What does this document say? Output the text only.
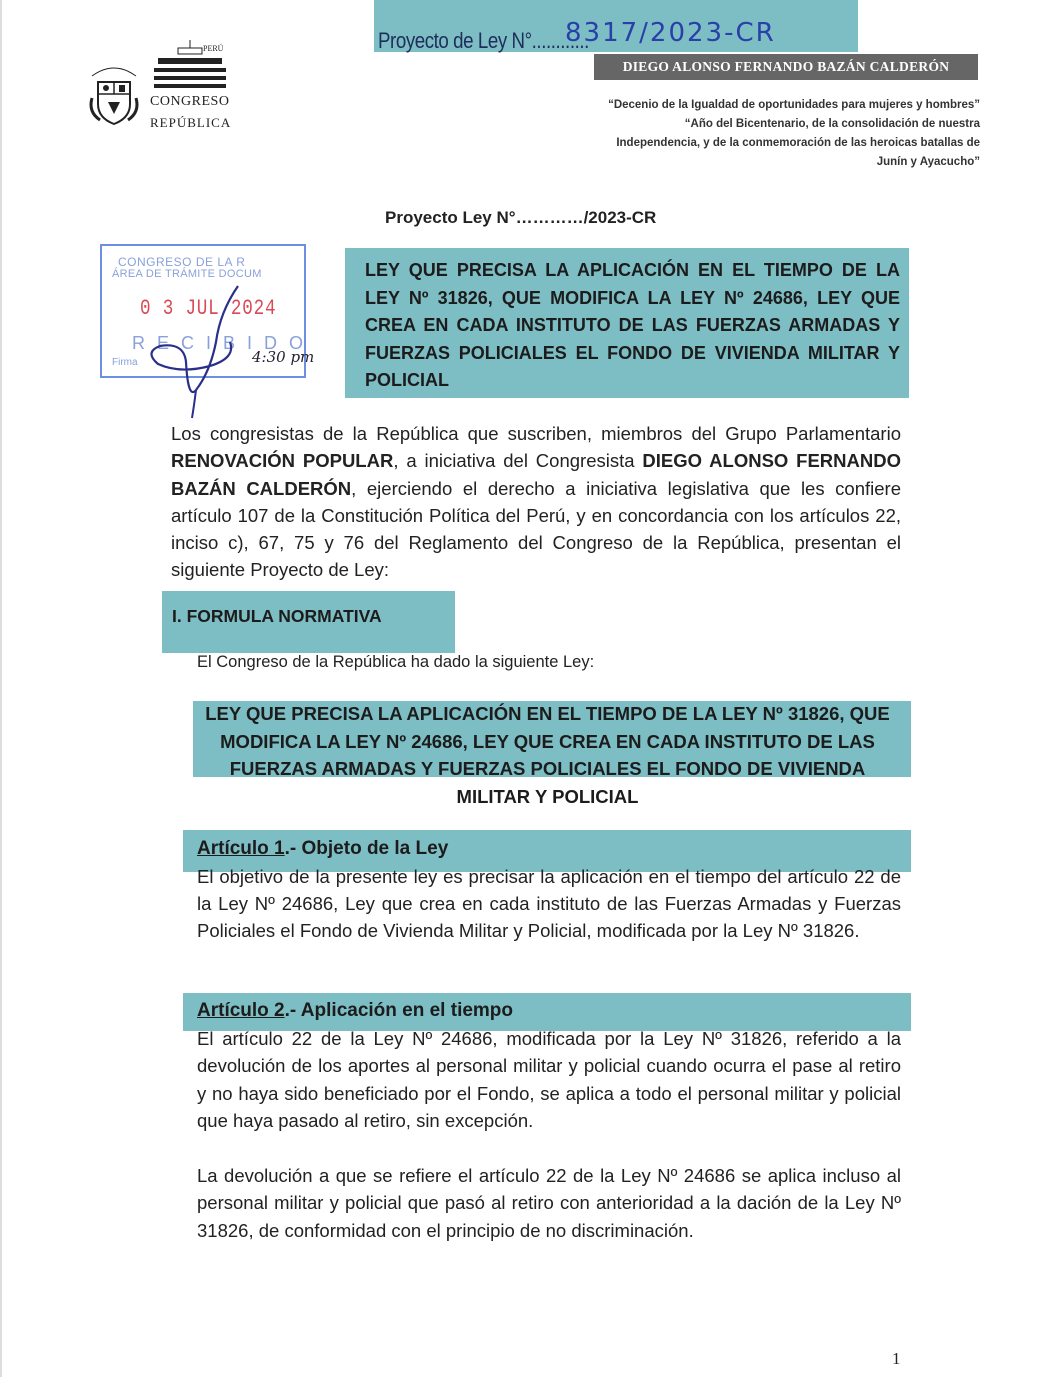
Proyecto de Ley N°............
8317/2023-CR
DIEGO ALONSO FERNANDO BAZÁN CALDERÓN
“Decenio de la Igualdad de oportunidades para mujeres y hombres”
“Año del Bicentenario, de la consolidación de nuestra
Independencia, y de la conmemoración de las heroicas batallas de
Junín y Ayacucho”
PERÚ
CONGRESO
REPÚBLICA
Proyecto Ley N°…………/2023-CR
CONGRESO DE LA R
ÁREA DE TRÁMITE DOCUM
0 3 JUL 2024
RECIBIDO
Firma	4:30 pm
LEY QUE PRECISA LA APLICACIÓN EN EL TIEMPO DE LA LEY Nº 31826, QUE MODIFICA LA LEY Nº 24686, LEY QUE CREA EN CADA INSTITUTO DE LAS FUERZAS ARMADAS Y FUERZAS POLICIALES EL FONDO DE VIVIENDA MILITAR Y POLICIAL
Los congresistas de la República que suscriben, miembros del Grupo Parlamentario RENOVACIÓN POPULAR, a iniciativa del Congresista DIEGO ALONSO FERNANDO BAZÁN CALDERÓN, ejerciendo el derecho a iniciativa legislativa que les confiere artículo 107 de la Constitución Política del Perú, y en concordancia con los artículos 22, inciso c), 67, 75 y 76 del Reglamento del Congreso de la República, presentan el siguiente Proyecto de Ley:
I. FORMULA NORMATIVA
El Congreso de la República ha dado la siguiente Ley:
LEY QUE PRECISA LA APLICACIÓN EN EL TIEMPO DE LA LEY Nº 31826, QUE MODIFICA LA LEY Nº 24686, LEY QUE CREA EN CADA INSTITUTO DE LAS FUERZAS ARMADAS Y FUERZAS POLICIALES EL FONDO DE VIVIENDA MILITAR Y POLICIAL
Artículo 1.- Objeto de la Ley
El objetivo de la presente ley es precisar la aplicación en el tiempo del artículo 22 de la Ley Nº 24686, Ley que crea en cada instituto de las Fuerzas Armadas y Fuerzas Policiales el Fondo de Vivienda Militar y Policial, modificada por la Ley Nº 31826.
Artículo 2.- Aplicación en el tiempo
El artículo 22 de la Ley Nº 24686, modificada por la Ley Nº 31826, referido a la devolución de los aportes al personal militar y policial cuando ocurra el pase al retiro y no haya sido beneficiado por el Fondo, se aplica a todo el personal militar y policial que haya pasado al retiro, sin excepción.
La devolución a que se refiere el artículo 22 de la Ley Nº 24686 se aplica incluso al personal militar y policial que pasó al retiro con anterioridad a la dación de la Ley Nº 31826, de conformidad con el principio de no discriminación.
1
